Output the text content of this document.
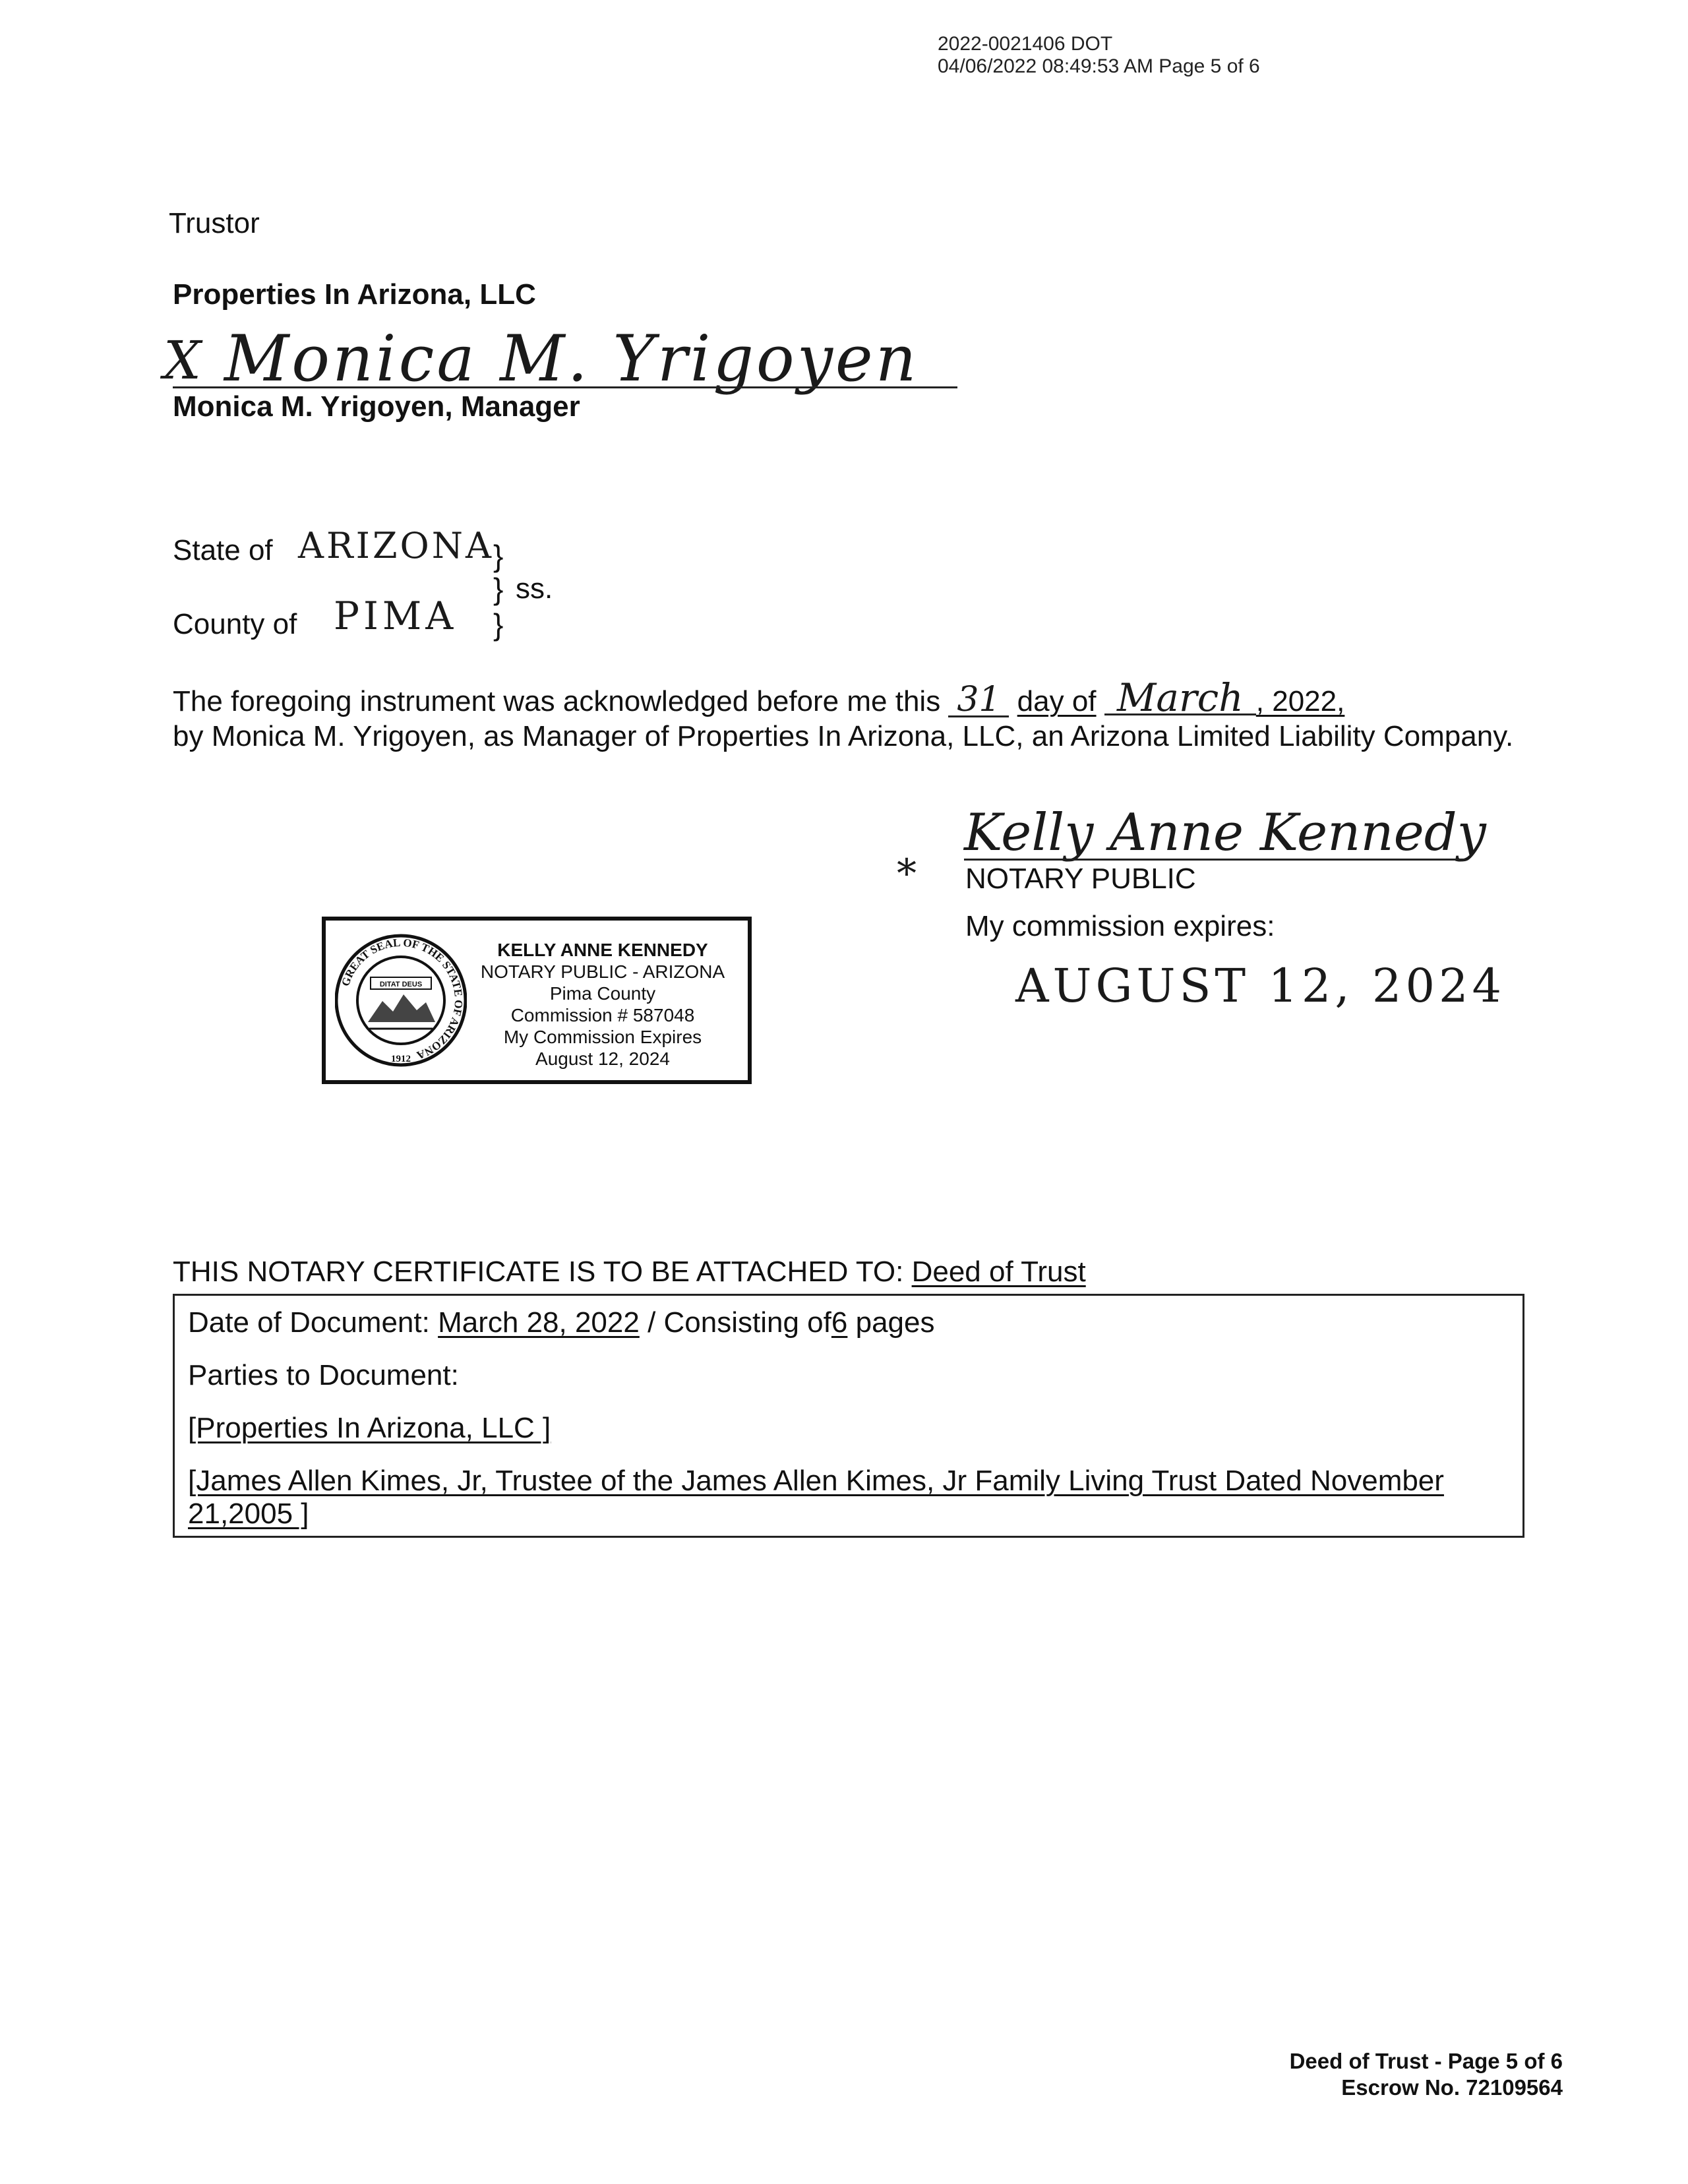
2022-0021406 DOT
04/06/2022 08:49:53 AM Page 5 of 6
Trustor
Properties In Arizona, LLC
X Monica M. Yrigoyen
Monica M. Yrigoyen, Manager
State of ARIZONA
County of PIMA
}
}
}
ss.
The foregoing instrument was acknowledged before me this 31 day of March , 2022,
by Monica M. Yrigoyen, as Manager of Properties In Arizona, LLC, an Arizona Limited Liability Company.
Kelly Anne Kennedy
* NOTARY PUBLIC
My commission expires:
AUGUST 12, 2024
GREAT SEAL OF THE STATE OF ARIZONA
DITAT DEUS
1912
KELLY ANNE KENNEDY
NOTARY PUBLIC - ARIZONA
Pima County
Commission # 587048
My Commission Expires
August 12, 2024
THIS NOTARY CERTIFICATE IS TO BE ATTACHED TO: Deed of Trust
Date of Document: March 28, 2022 / Consisting of6 pages
Parties to Document:
[Properties In Arizona, LLC ]
[James Allen Kimes, Jr, Trustee of the James Allen Kimes, Jr Family Living Trust Dated November
21,2005 ]
Deed of Trust - Page 5 of 6
Escrow No. 72109564
